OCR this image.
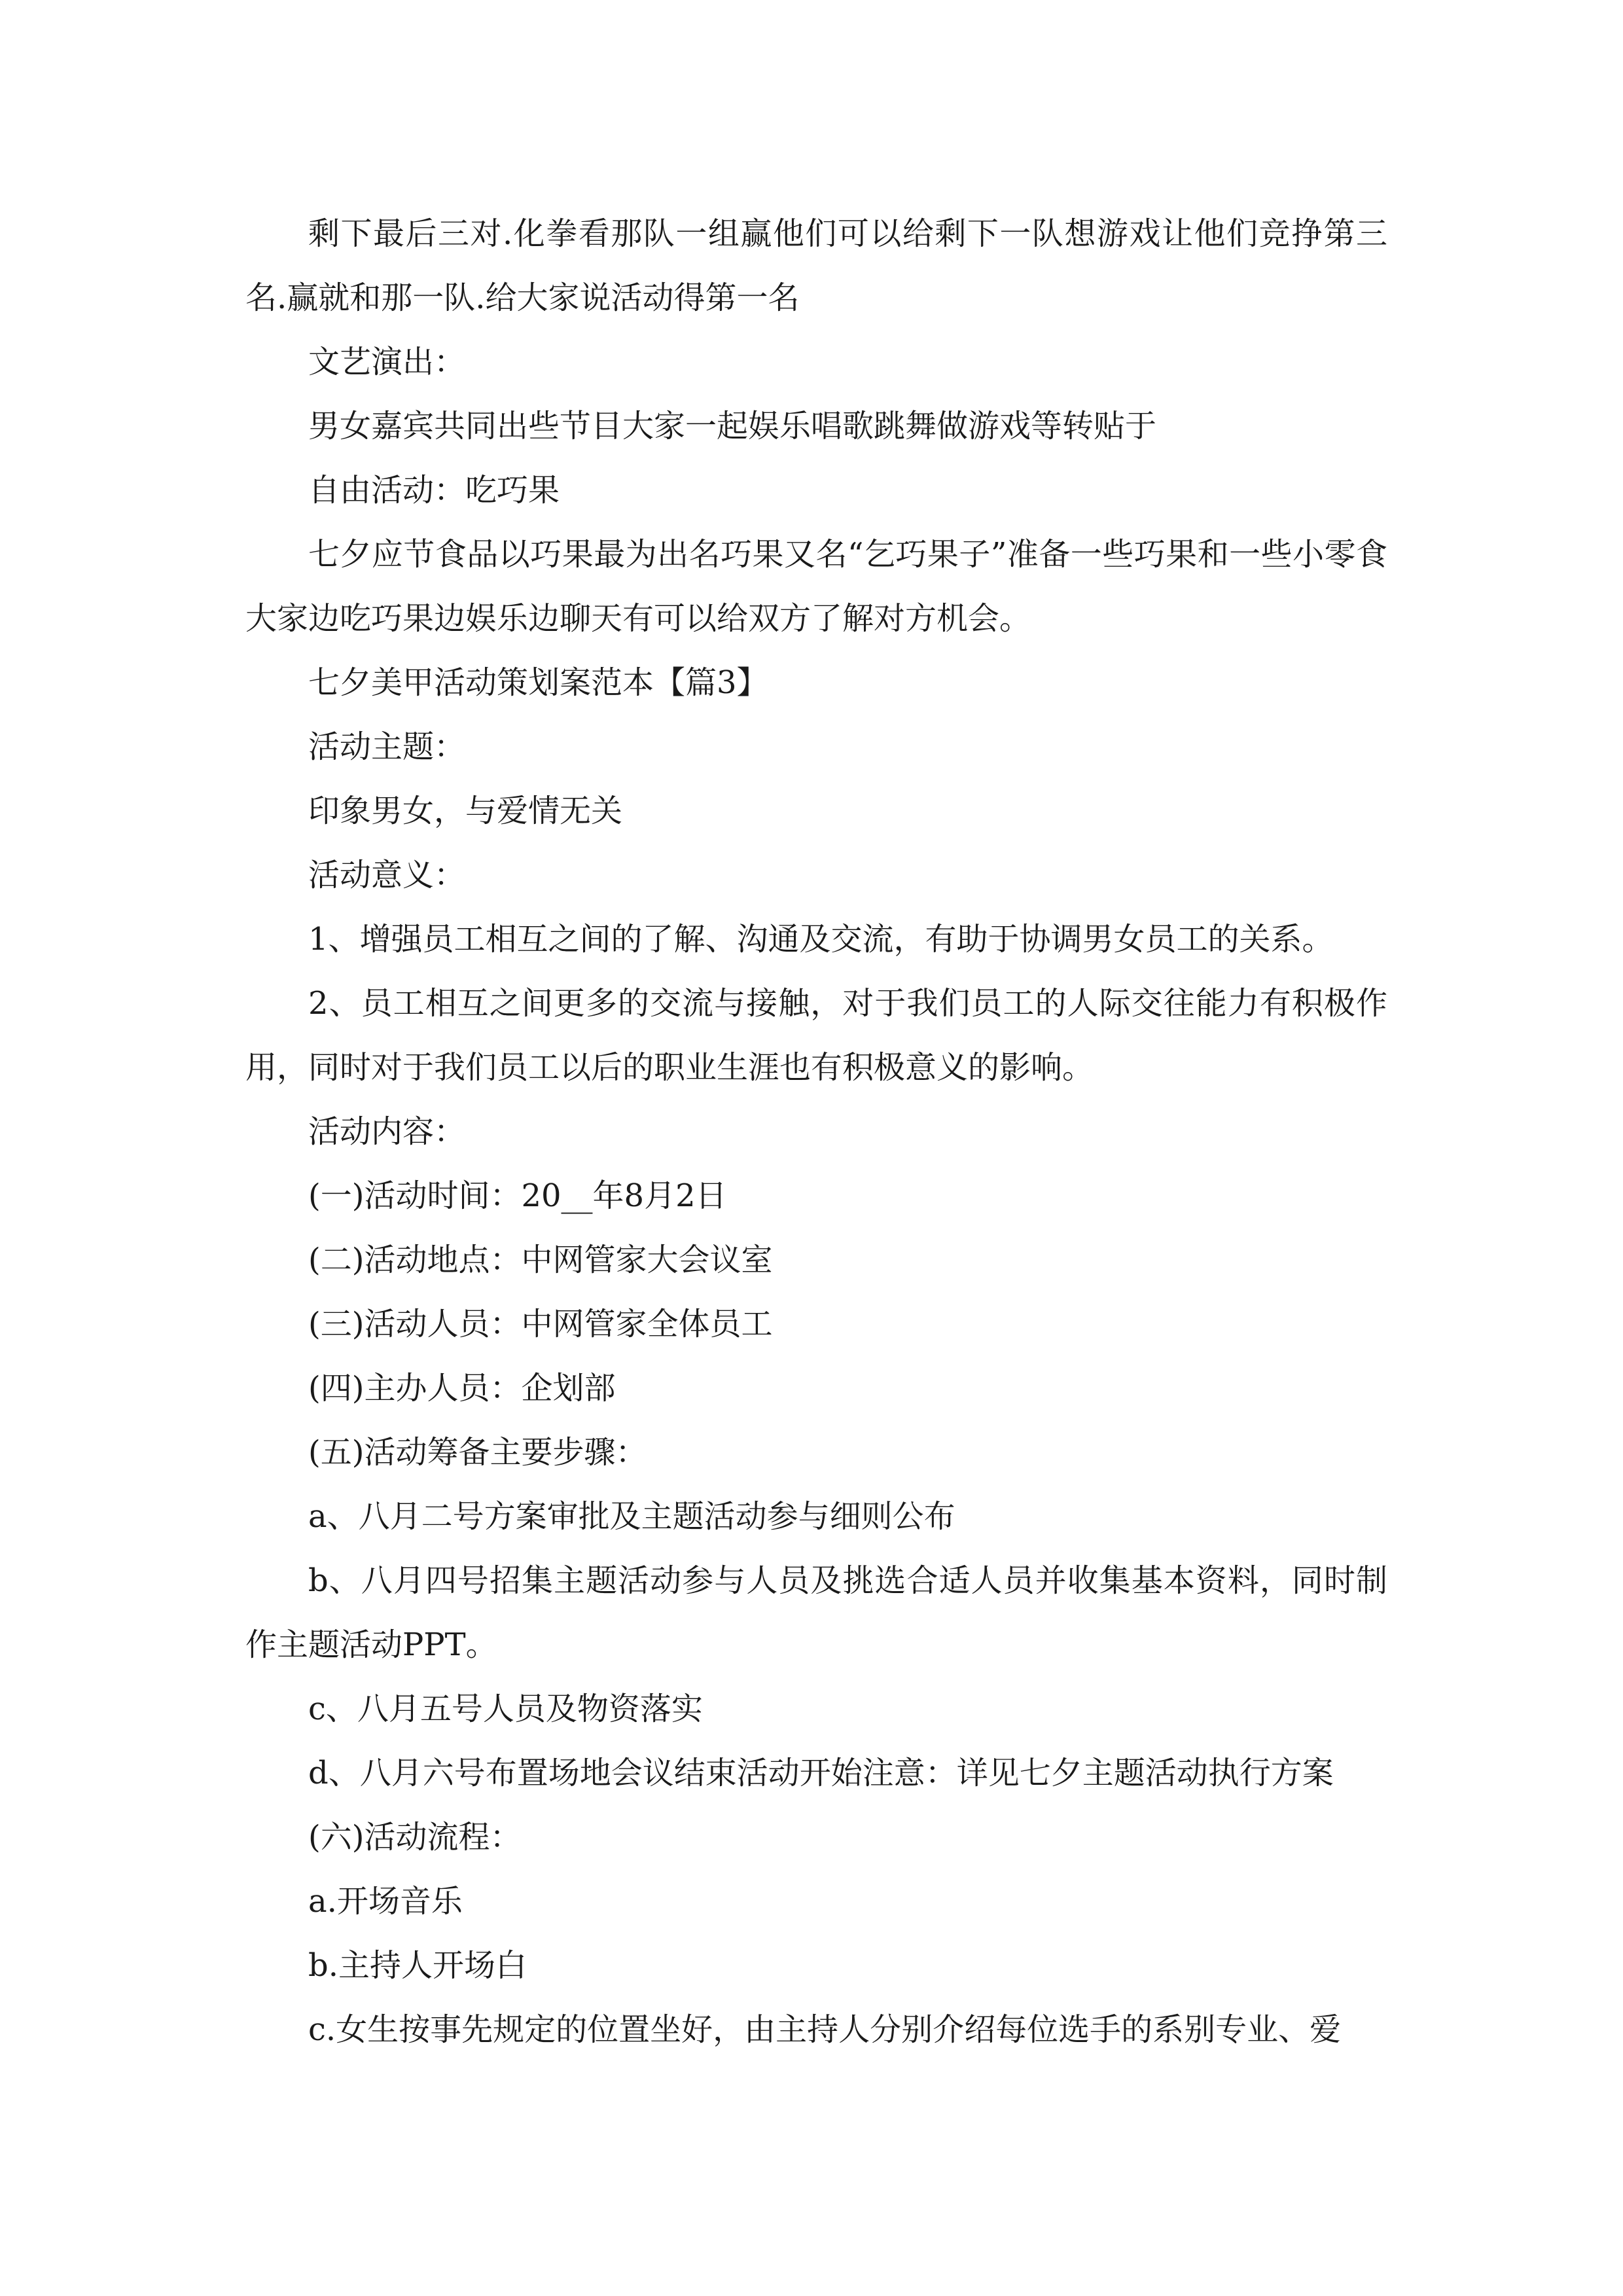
剩下最后三对.化拳看那队一组赢他们可以给剩下一队想游戏让他们竞挣第三名.赢就和那一队.给大家说活动得第一名

文艺演出：

男女嘉宾共同出些节目大家一起娱乐唱歌跳舞做游戏等转贴于

自由活动：吃巧果

七夕应节食品以巧果最为出名巧果又名“乞巧果子”准备一些巧果和一些小零食大家边吃巧果边娱乐边聊天有可以给双方了解对方机会。

七夕美甲活动策划案范本【篇3】

活动主题：

印象男女，与爱情无关

活动意义：

1、增强员工相互之间的了解、沟通及交流，有助于协调男女员工的关系。

2、员工相互之间更多的交流与接触，对于我们员工的人际交往能力有积极作用，同时对于我们员工以后的职业生涯也有积极意义的影响。

活动内容：

(一)活动时间：20__年8月2日

(二)活动地点：中网管家大会议室

(三)活动人员：中网管家全体员工

(四)主办人员：企划部

(五)活动筹备主要步骤：

a、八月二号方案审批及主题活动参与细则公布

b、八月四号招集主题活动参与人员及挑选合适人员并收集基本资料，同时制作主题活动PPT。

c、八月五号人员及物资落实

d、八月六号布置场地会议结束活动开始注意：详见七夕主题活动执行方案

(六)活动流程：

a.开场音乐

b.主持人开场白

c.女生按事先规定的位置坐好，由主持人分别介绍每位选手的系别专业、爱
